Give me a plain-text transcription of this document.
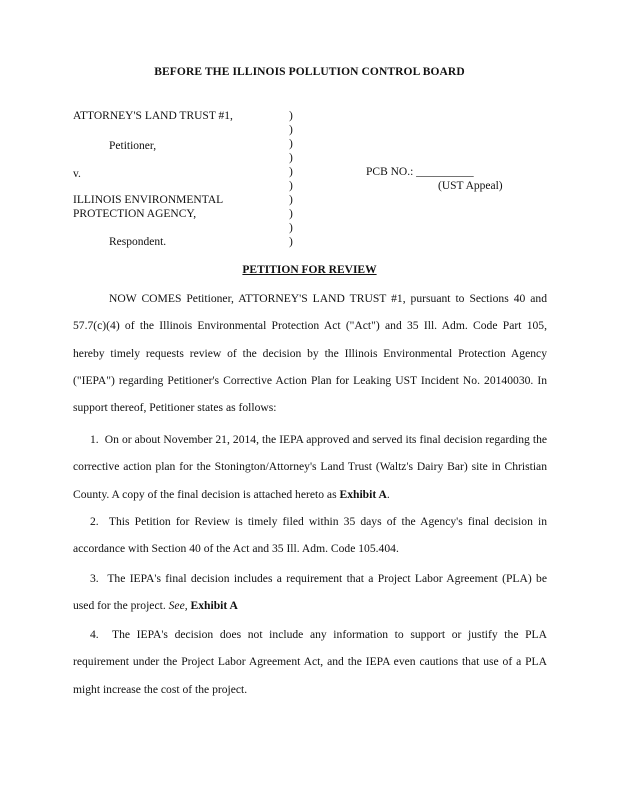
BEFORE THE ILLINOIS POLLUTION CONTROL BOARD
ATTORNEY'S LAND TRUST #1,
Petitioner,
v.
ILLINOIS ENVIRONMENTAL
PROTECTION AGENCY,
Respondent.
)
)
)
)
)
)
)
)
)
)
PCB NO.: __________
(UST Appeal)
PETITION FOR REVIEW

NOW COMES Petitioner, ATTORNEY'S LAND TRUST #1, pursuant to Sections 40 and 57.7(c)(4) of the Illinois Environmental Protection Act ("Act") and 35 Ill. Adm. Code Part 105, hereby timely requests review of the decision by the Illinois Environmental Protection Agency ("IEPA") regarding Petitioner's Corrective Action Plan for Leaking UST Incident No. 20140030. In support thereof, Petitioner states as follows:

1. On or about November 21, 2014, the IEPA approved and served its final decision regarding the corrective action plan for the Stonington/Attorney's Land Trust (Waltz's Dairy Bar) site in Christian County. A copy of the final decision is attached hereto as Exhibit A.

2. This Petition for Review is timely filed within 35 days of the Agency's final decision in accordance with Section 40 of the Act and 35 Ill. Adm. Code 105.404.

3. The IEPA's final decision includes a requirement that a Project Labor Agreement (PLA) be used for the project. See, Exhibit A

4. The IEPA's decision does not include any information to support or justify the PLA requirement under the Project Labor Agreement Act, and the IEPA even cautions that use of a PLA might increase the cost of the project.
